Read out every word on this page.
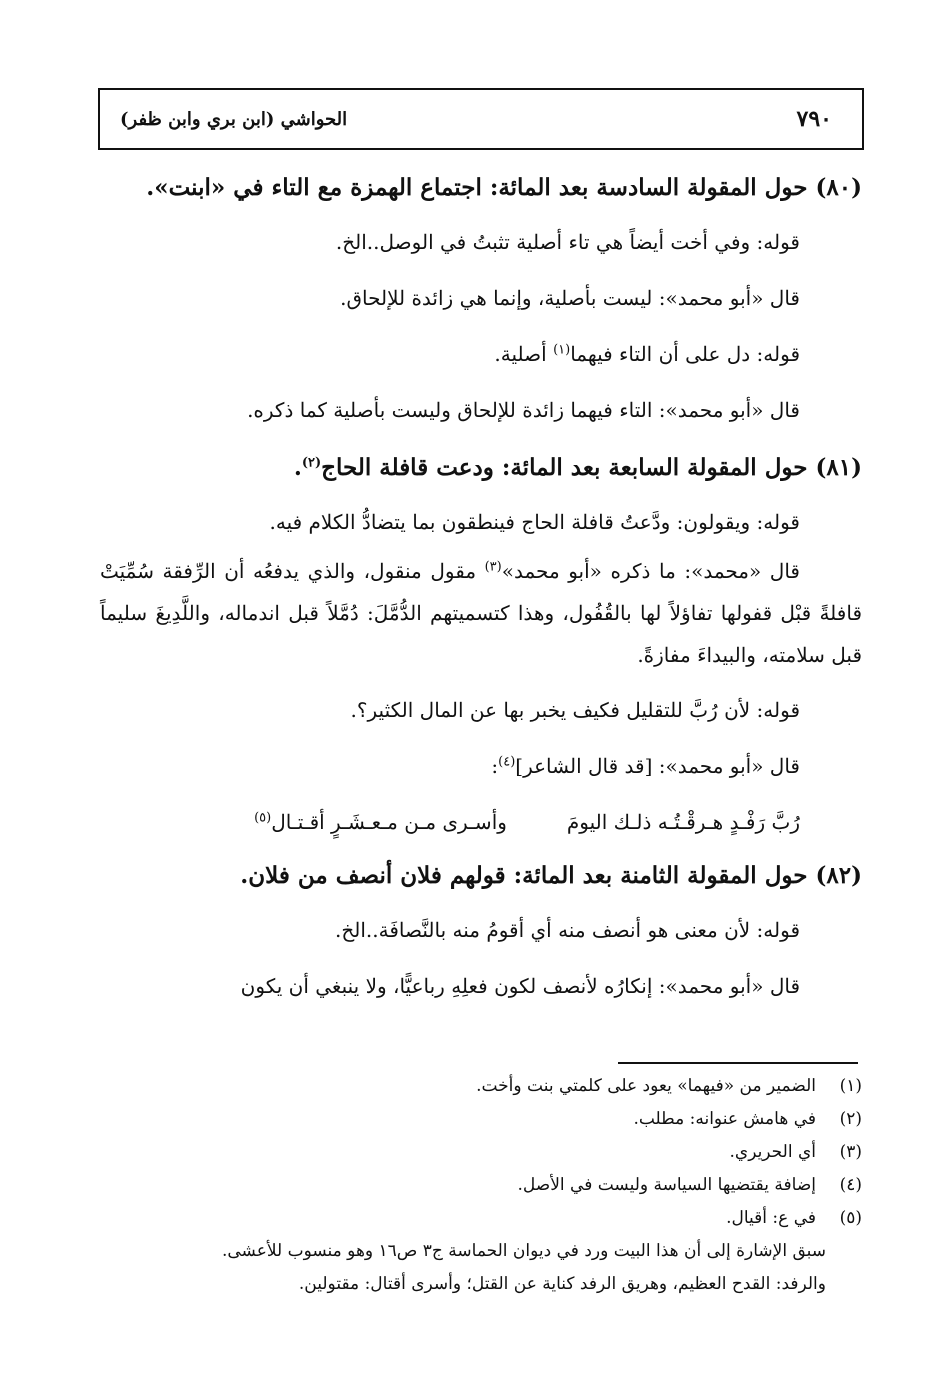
٧٩٠
الحواشي (ابن بري وابن ظفر)
(٨٠) حول المقولة السادسة بعد المائة: اجتماع الهمزة مع التاء في «ابنت».

قوله: وفي أخت أيضاً هي تاء أصلية تثبتُ في الوصل..الخ.

قال «أبو محمد»: ليست بأصلية، وإنما هي زائدة للإلحاق.

قوله: دل على أن التاء فيهما$^{(١)}$ أصلية.

قال «أبو محمد»: التاء فيهما زائدة للإلحاق وليست بأصلية كما ذكره.

(٨١) حول المقولة السابعة بعد المائة: ودعت قافلة الحاج$^{(٢)}$.

قوله: ويقولون: ودَّعتُ قافلة الحاج فينطقون بما يتضادُّ الكلام فيه.

قال «محمد»: ما ذكره «أبو محمد»$^{(٣)}$ مقول منقول، والذي يدفعُه أن الرِّفقة سُمِّيَتْ قافلةً قبْل قفولها تفاؤلاً لها بالقُفُول، وهذا كتسميتهم الدُّمَّلَ: دُمَّلاً قبل اندماله، واللَّدِيغَ سليماً قبل سلامته، والبيداءَ مفازةً.

قوله: لأن رُبَّ للتقليل فكيف يخبر بها عن المال الكثير؟.

قال «أبو محمد»: [قد قال الشاعر]$^{(٤)}$:

رُبَّ رَفْـدٍ هـرقْـتُـه ذلـك اليومَ
وأسـرى مـن مـعـشَـرٍ أقـتـال$^{(٥)}$
(٨٢) حول المقولة الثامنة بعد المائة: قولهم فلان أنصف من فلان.

قوله: لأن معنى هو أنصف منه أي أقومُ منه بالنَّصافَة..الخ.

قال «أبو محمد»: إنكارُه لأنصف لكون فعلِهِ رباعيًّا، ولا ينبغي أن يكون

(١)
الضمير من «فيهما» يعود على كلمتي بنت وأخت.
(٢)
في هامش عنوانه: مطلب.
(٣)
أي الحريري.
(٤)
إضافة يقتضيها السياسة وليست في الأصل.
(٥)
في ع: أقيال.
سبق الإشارة إلى أن هذا البيت ورد في ديوان الحماسة ج٣ ص١٦ وهو منسوب للأعشى.
والرفد: القدح العظيم، وهريق الرفد كناية عن القتل؛ وأسرى أقتال: مقتولين.
